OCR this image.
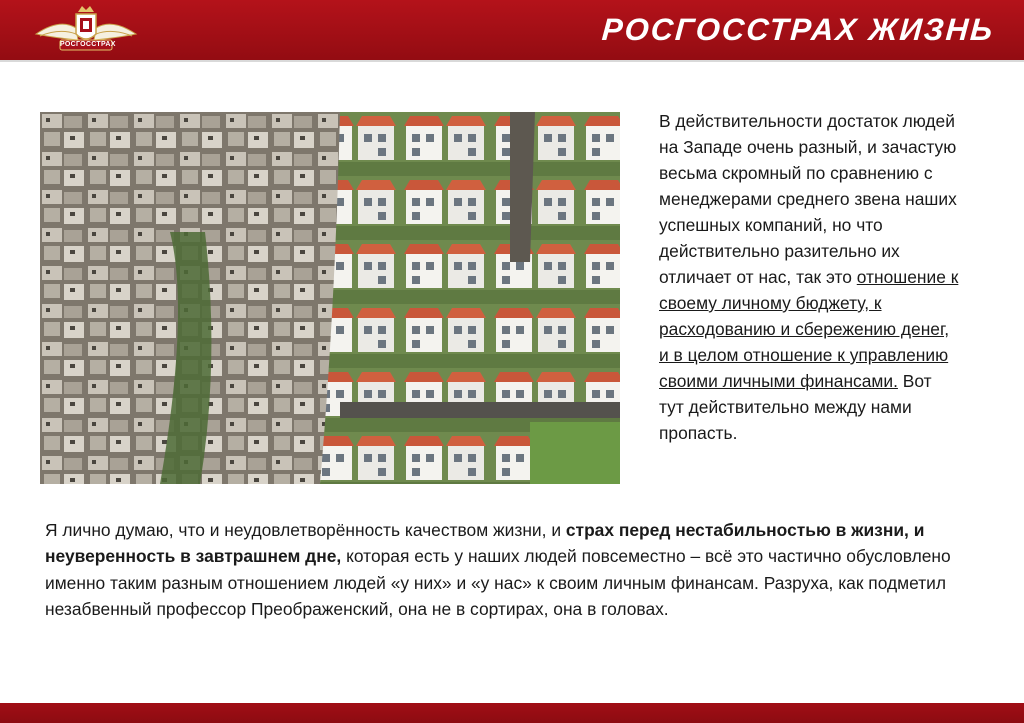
РОСГОССТРАХ	РОСГОССТРАХ ЖИЗНЬ

В действительности достаток людей на Западе очень разный, и зачастую весьма скромный по сравнению с менеджерами среднего звена наших успешных компаний, но что действительно разительно их отличает от нас, так это отношение к своему личному бюджету, к расходованию и сбережению денег, и в целом отношение к управлению своими личными финансами. Вот тут действительно между нами пропасть.

Я лично думаю, что и неудовлетворённость качеством жизни, и страх перед нестабильностью в жизни, и неуверенность в завтрашнем дне, которая есть у наших людей повсеместно – всё это частично обусловлено именно таким разным отношением людей «у них» и «у нас» к своим личным финансам. Разруха, как подметил незабвенный профессор Преображенский, она не в сортирах, она в головах.
